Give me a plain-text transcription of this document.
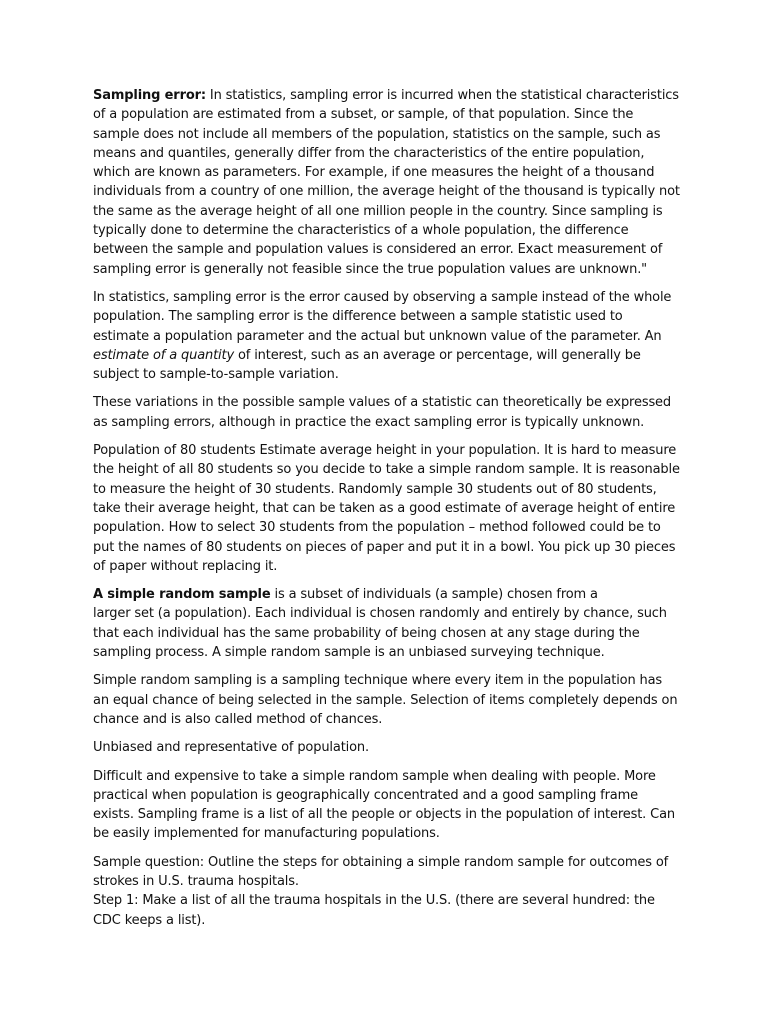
Sampling error: In statistics, sampling error is incurred when the statistical characteristics of a population are estimated from a subset, or sample, of that population. Since the sample does not include all members of the population, statistics on the sample, such as means and quantiles, generally differ from the characteristics of the entire population, which are known as parameters. For example, if one measures the height of a thousand individuals from a country of one million, the average height of the thousand is typically not the same as the average height of all one million people in the country. Since sampling is typically done to determine the characteristics of a whole population, the difference between the sample and population values is considered an error. Exact measurement of sampling error is generally not feasible since the true population values are unknown."

In statistics, sampling error is the error caused by observing a sample instead of the whole population. The sampling error is the difference between a sample statistic used to estimate a population parameter and the actual but unknown value of the parameter. An estimate of a quantity of interest, such as an average or percentage, will generally be subject to sample-to-sample variation.

These variations in the possible sample values of a statistic can theoretically be expressed as sampling errors, although in practice the exact sampling error is typically unknown.

Population of 80 students Estimate average height in your population. It is hard to measure the height of all 80 students so you decide to take a simple random sample. It is reasonable to measure the height of 30 students. Randomly sample 30 students out of 80 students, take their average height, that can be taken as a good estimate of average height of entire population. How to select 30 students from the population – method followed could be to put the names of 80 students on pieces of paper and put it in a bowl. You pick up 30 pieces of paper without replacing it.

A simple random sample is a subset of individuals (a sample) chosen from a
larger set (a population). Each individual is chosen randomly and entirely by chance, such that each individual has the same probability of being chosen at any stage during the sampling process. A simple random sample is an unbiased surveying technique.

Simple random sampling is a sampling technique where every item in the population has an equal chance of being selected in the sample. Selection of items completely depends on chance and is also called method of chances.

Unbiased and representative of population.

Difficult and expensive to take a simple random sample when dealing with people. More practical when population is geographically concentrated and a good sampling frame exists. Sampling frame is a list of all the people or objects in the population of interest. Can be easily implemented for manufacturing populations.

Sample question: Outline the steps for obtaining a simple random sample for outcomes of strokes in U.S. trauma hospitals.
Step 1: Make a list of all the trauma hospitals in the U.S. (there are several hundred: the CDC keeps a list).
